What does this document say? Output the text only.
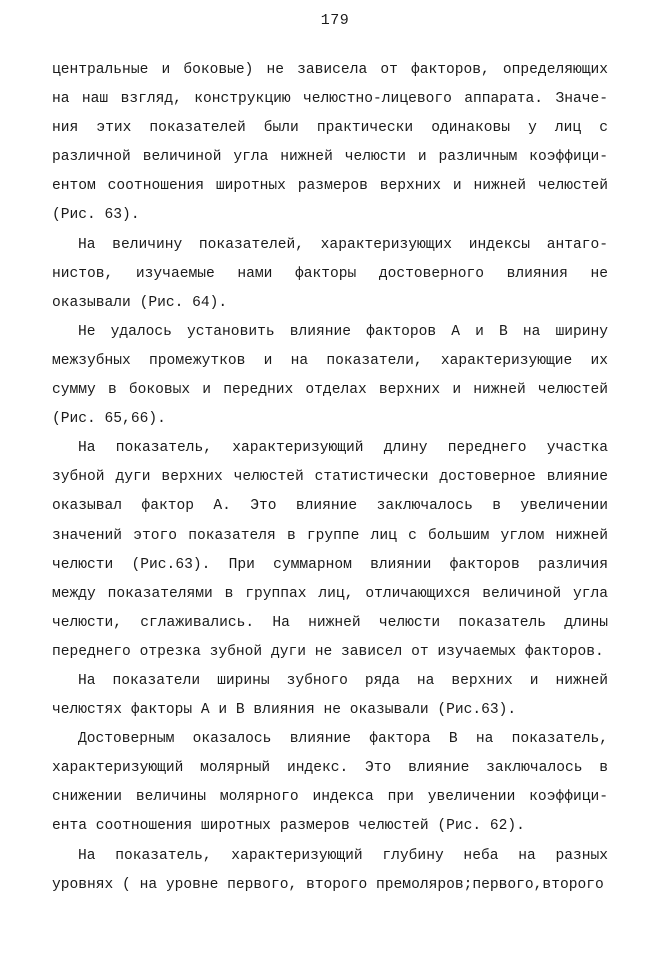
179
центральные и боковые) не зависела от факторов, определяющих
на наш взгляд, конструкцию челюстно-лицевого аппарата. Значе-
ния этих показателей были практически одинаковы у лиц с
различной величиной угла нижней челюсти и различным коэффици-
ентом соотношения широтных размеров верхних и нижней челюстей
(Рис. 63).
На величину показателей, характеризующих индексы антаго-
нистов, изучаемые нами факторы достоверного влияния не
оказывали (Рис. 64).
Не удалось установить влияние факторов А и В на ширину
межзубных промежутков и на показатели, характеризующие их
сумму в боковых и передних отделах верхних и нижней челюстей
(Рис. 65,66).
На показатель, характеризующий длину переднего участка
зубной дуги верхних челюстей статистически достоверное влияние
оказывал фактор А. Это влияние заключалось в увеличении
значений этого показателя в группе лиц с большим углом нижней
челюсти (Рис.63). При суммарном влиянии факторов различия
между показателями в группах лиц, отличающихся величиной угла
челюсти, сглаживались. На нижней челюсти показатель длины
переднего отрезка зубной дуги не зависел от изучаемых факторов.
На показатели ширины зубного ряда на верхних и нижней
челюстях факторы А и В влияния не оказывали (Рис.63).
Достоверным оказалось влияние фактора В на показатель,
характеризующий молярный индекс. Это влияние заключалось в
снижении величины молярного индекса при увеличении коэффици-
ента соотношения широтных размеров челюстей (Рис. 62).
На показатель, характеризующий глубину неба на разных
уровнях ( на уровне первого, второго премоляров;первого,второго
